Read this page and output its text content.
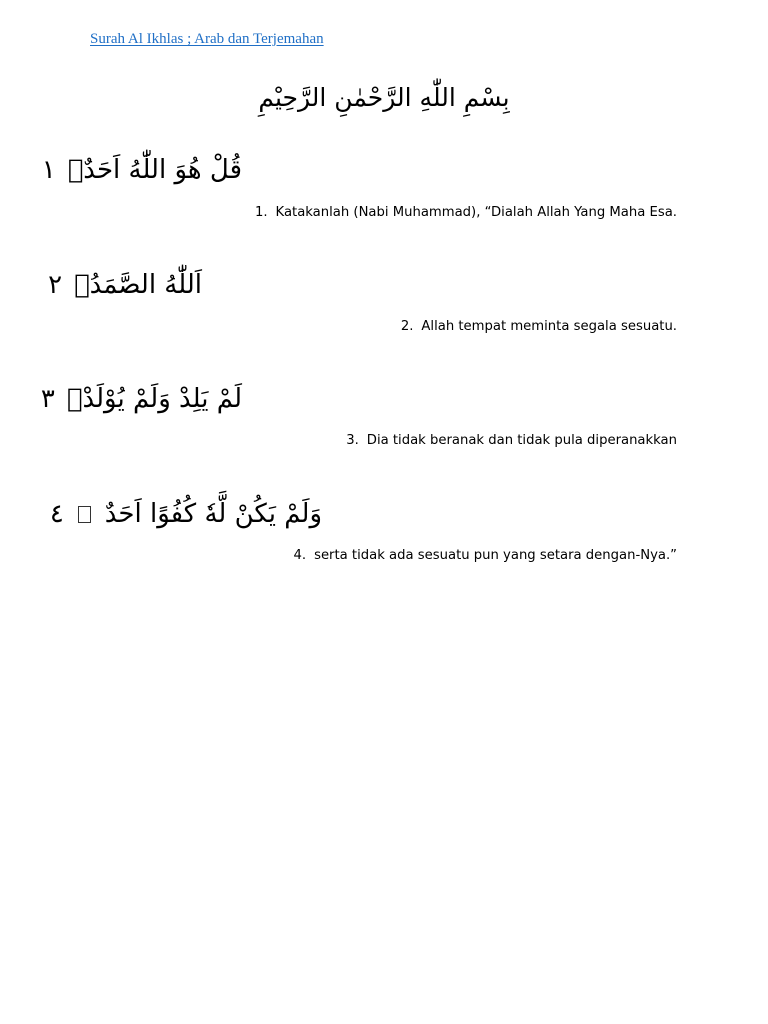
Surah Al Ikhlas ; Arab dan Terjemahan
بِسْمِ اللّٰهِ الرَّحْمٰنِ الرَّحِيْمِ
قُلْ هُوَ اللّٰهُ اَحَدٌۚ١
1. Katakanlah (Nabi Muhammad), “Dialah Allah Yang Maha Esa.
اَللّٰهُ الصَّمَدُۚ٢
2. Allah tempat meminta segala sesuatu.
لَمْ يَلِدْ وَلَمْ يُوْلَدْۙ٣
3. Dia tidak beranak dan tidak pula diperanakkan
وَلَمْ يَكُنْ لَّهٗ كُفُوًا اَحَدٌ٤
4. serta tidak ada sesuatu pun yang setara dengan-Nya.”
